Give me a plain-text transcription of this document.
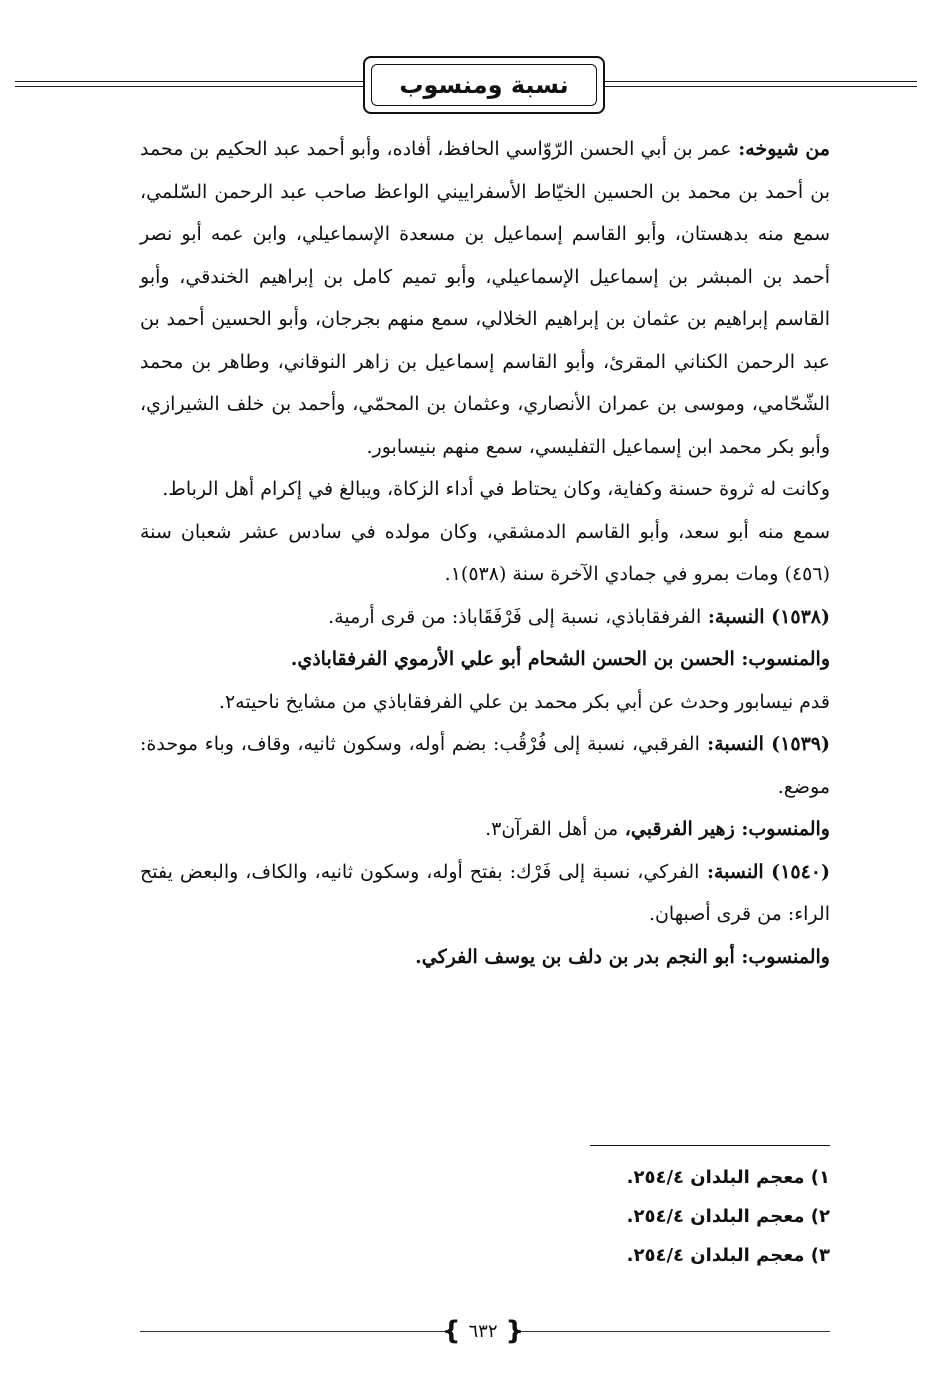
نسبة ومنسوب

من شيوخه: عمر بن أبي الحسن الرّوّاسي الحافظ، أفاده، وأبو أحمد عبد الحكيم بن محمد بن أحمد بن محمد بن الحسين الخيّاط الأسفراييني الواعظ صاحب عبد الرحمن السّلمي، سمع منه بدهستان، وأبو القاسم إسماعيل بن مسعدة الإسماعيلي، وابن عمه أبو نصر أحمد بن المبشر بن إسماعيل الإسماعيلي، وأبو تميم كامل بن إبراهيم الخندقي، وأبو القاسم إبراهيم بن عثمان بن إبراهيم الخلالي، سمع منهم بجرجان، وأبو الحسين أحمد بن عبد الرحمن الكناني المقرئ، وأبو القاسم إسماعيل بن زاهر النوقاني، وطاهر بن محمد الشّحّامي، وموسى بن عمران الأنصاري، وعثمان بن المحمّي، وأحمد بن خلف الشيرازي، وأبو بكر محمد ابن إسماعيل التفليسي، سمع منهم بنيسابور.

وكانت له ثروة حسنة وكفاية، وكان يحتاط في أداء الزكاة، ويبالغ في إكرام أهل الرباط.

سمع منه أبو سعد، وأبو القاسم الدمشقي، وكان مولده في سادس عشر شعبان سنة (٤٥٦) ومات بمرو في جمادي الآخرة سنة (٥٣٨)١.

(١٥٣٨) النسبة: الفرفقاباذي، نسبة إلى فَرْفَقَاباذ: من قرى أرمية.

والمنسوب: الحسن بن الحسن الشحام أبو علي الأرموي الفرفقاباذي.

قدم نيسابور وحدث عن أبي بكر محمد بن علي الفرفقاباذي من مشايخ ناحيته٢.

(١٥٣٩) النسبة: الفرقبي، نسبة إلى فُرْقُب: بضم أوله، وسكون ثانيه، وقاف، وباء موحدة: موضع.

والمنسوب: زهير الفرقبي، من أهل القرآن٣.

(١٥٤٠) النسبة: الفركي، نسبة إلى فَرْك: بفتح أوله، وسكون ثانيه، والكاف، والبعض يفتح الراء: من قرى أصبهان.

والمنسوب: أبو النجم بدر بن دلف بن يوسف الفركي.

١) معجم البلدان ٢٥٤/٤.

٢) معجم البلدان ٢٥٤/٤.

٣) معجم البلدان ٢٥٤/٤.

{ ٦٣٢ }
